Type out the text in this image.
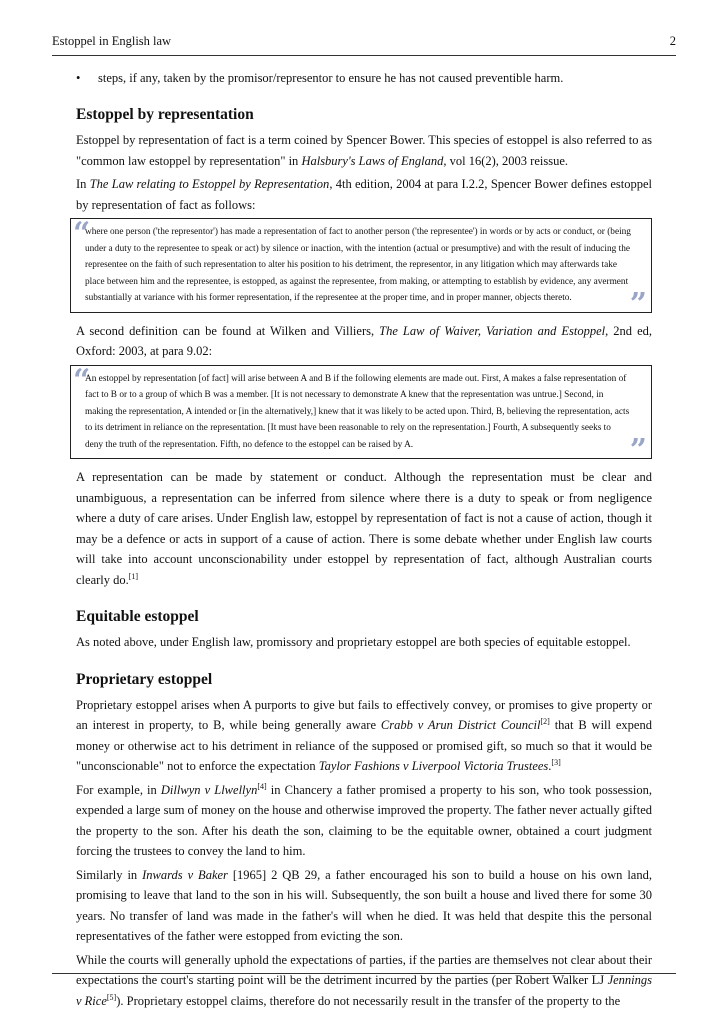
Estoppel in English law	2
• steps, if any, taken by the promisor/representor to ensure he has not caused preventible harm.
Estoppel by representation

Estoppel by representation of fact is a term coined by Spencer Bower. This species of estoppel is also referred to as "common law estoppel by representation" in Halsbury's Laws of England, vol 16(2), 2003 reissue.

In The Law relating to Estoppel by Representation, 4th edition, 2004 at para I.2.2, Spencer Bower defines estoppel by representation of fact as follows:

“

where one person ('the representor') has made a representation of fact to another person ('the representee') in words or by acts or conduct, or (being under a duty to the representee to speak or act) by silence or inaction, with the intention (actual or presumptive) and with the result of inducing the representee on the faith of such representation to alter his position to his detriment, the representor, in any litigation which may afterwards take place between him and the representee, is estopped, as against the representee, from making, or attempting to establish by evidence, any averment substantially at variance with his former representation, if the representee at the proper time, and in proper manner, objects thereto.	”

A second definition can be found at Wilken and Villiers, The Law of Waiver, Variation and Estoppel, 2nd ed, Oxford: 2003, at para 9.02:

“

An estoppel by representation [of fact] will arise between A and B if the following elements are made out. First, A makes a false representation of fact to B or to a group of which B was a member. [It is not necessary to demonstrate A knew that the representation was untrue.] Second, in making the representation, A intended or [in the alternatively,] knew that it was likely to be acted upon. Third, B, believing the representation, acts to its detriment in reliance on the representation. [It must have been reasonable to rely on the representation.] Fourth, A subsequently seeks to deny the truth of the representation. Fifth, no defence to the estoppel can be raised by A.	”

A representation can be made by statement or conduct. Although the representation must be clear and unambiguous, a representation can be inferred from silence where there is a duty to speak or from negligence where a duty of care arises. Under English law, estoppel by representation of fact is not a cause of action, though it may be a defence or acts in support of a cause of action. There is some debate whether under English law courts will take into account unconscionability under estoppel by representation of fact, although Australian courts clearly do.[1]

Equitable estoppel

As noted above, under English law, promissory and proprietary estoppel are both species of equitable estoppel.

Proprietary estoppel

Proprietary estoppel arises when A purports to give but fails to effectively convey, or promises to give property or an interest in property, to B, while being generally aware Crabb v Arun District Council[2] that B will expend money or otherwise act to his detriment in reliance of the supposed or promised gift, so much so that it would be "unconscionable" not to enforce the expectation Taylor Fashions v Liverpool Victoria Trustees.[3]

For example, in Dillwyn v Llwellyn[4] in Chancery a father promised a property to his son, who took possession, expended a large sum of money on the house and otherwise improved the property. The father never actually gifted the property to the son. After his death the son, claiming to be the equitable owner, obtained a court judgment forcing the trustees to convey the land to him.

Similarly in Inwards v Baker [1965] 2 QB 29, a father encouraged his son to build a house on his own land, promising to leave that land to the son in his will. Subsequently, the son built a house and lived there for some 30 years. No transfer of land was made in the father's will when he died. It was held that despite this the personal representatives of the father were estopped from evicting the son.

While the courts will generally uphold the expectations of parties, if the parties are themselves not clear about their expectations the court's starting point will be the detriment incurred by the parties (per Robert Walker LJ Jennings v Rice[5]). Proprietary estoppel claims, therefore do not necessarily result in the transfer of the property to the
